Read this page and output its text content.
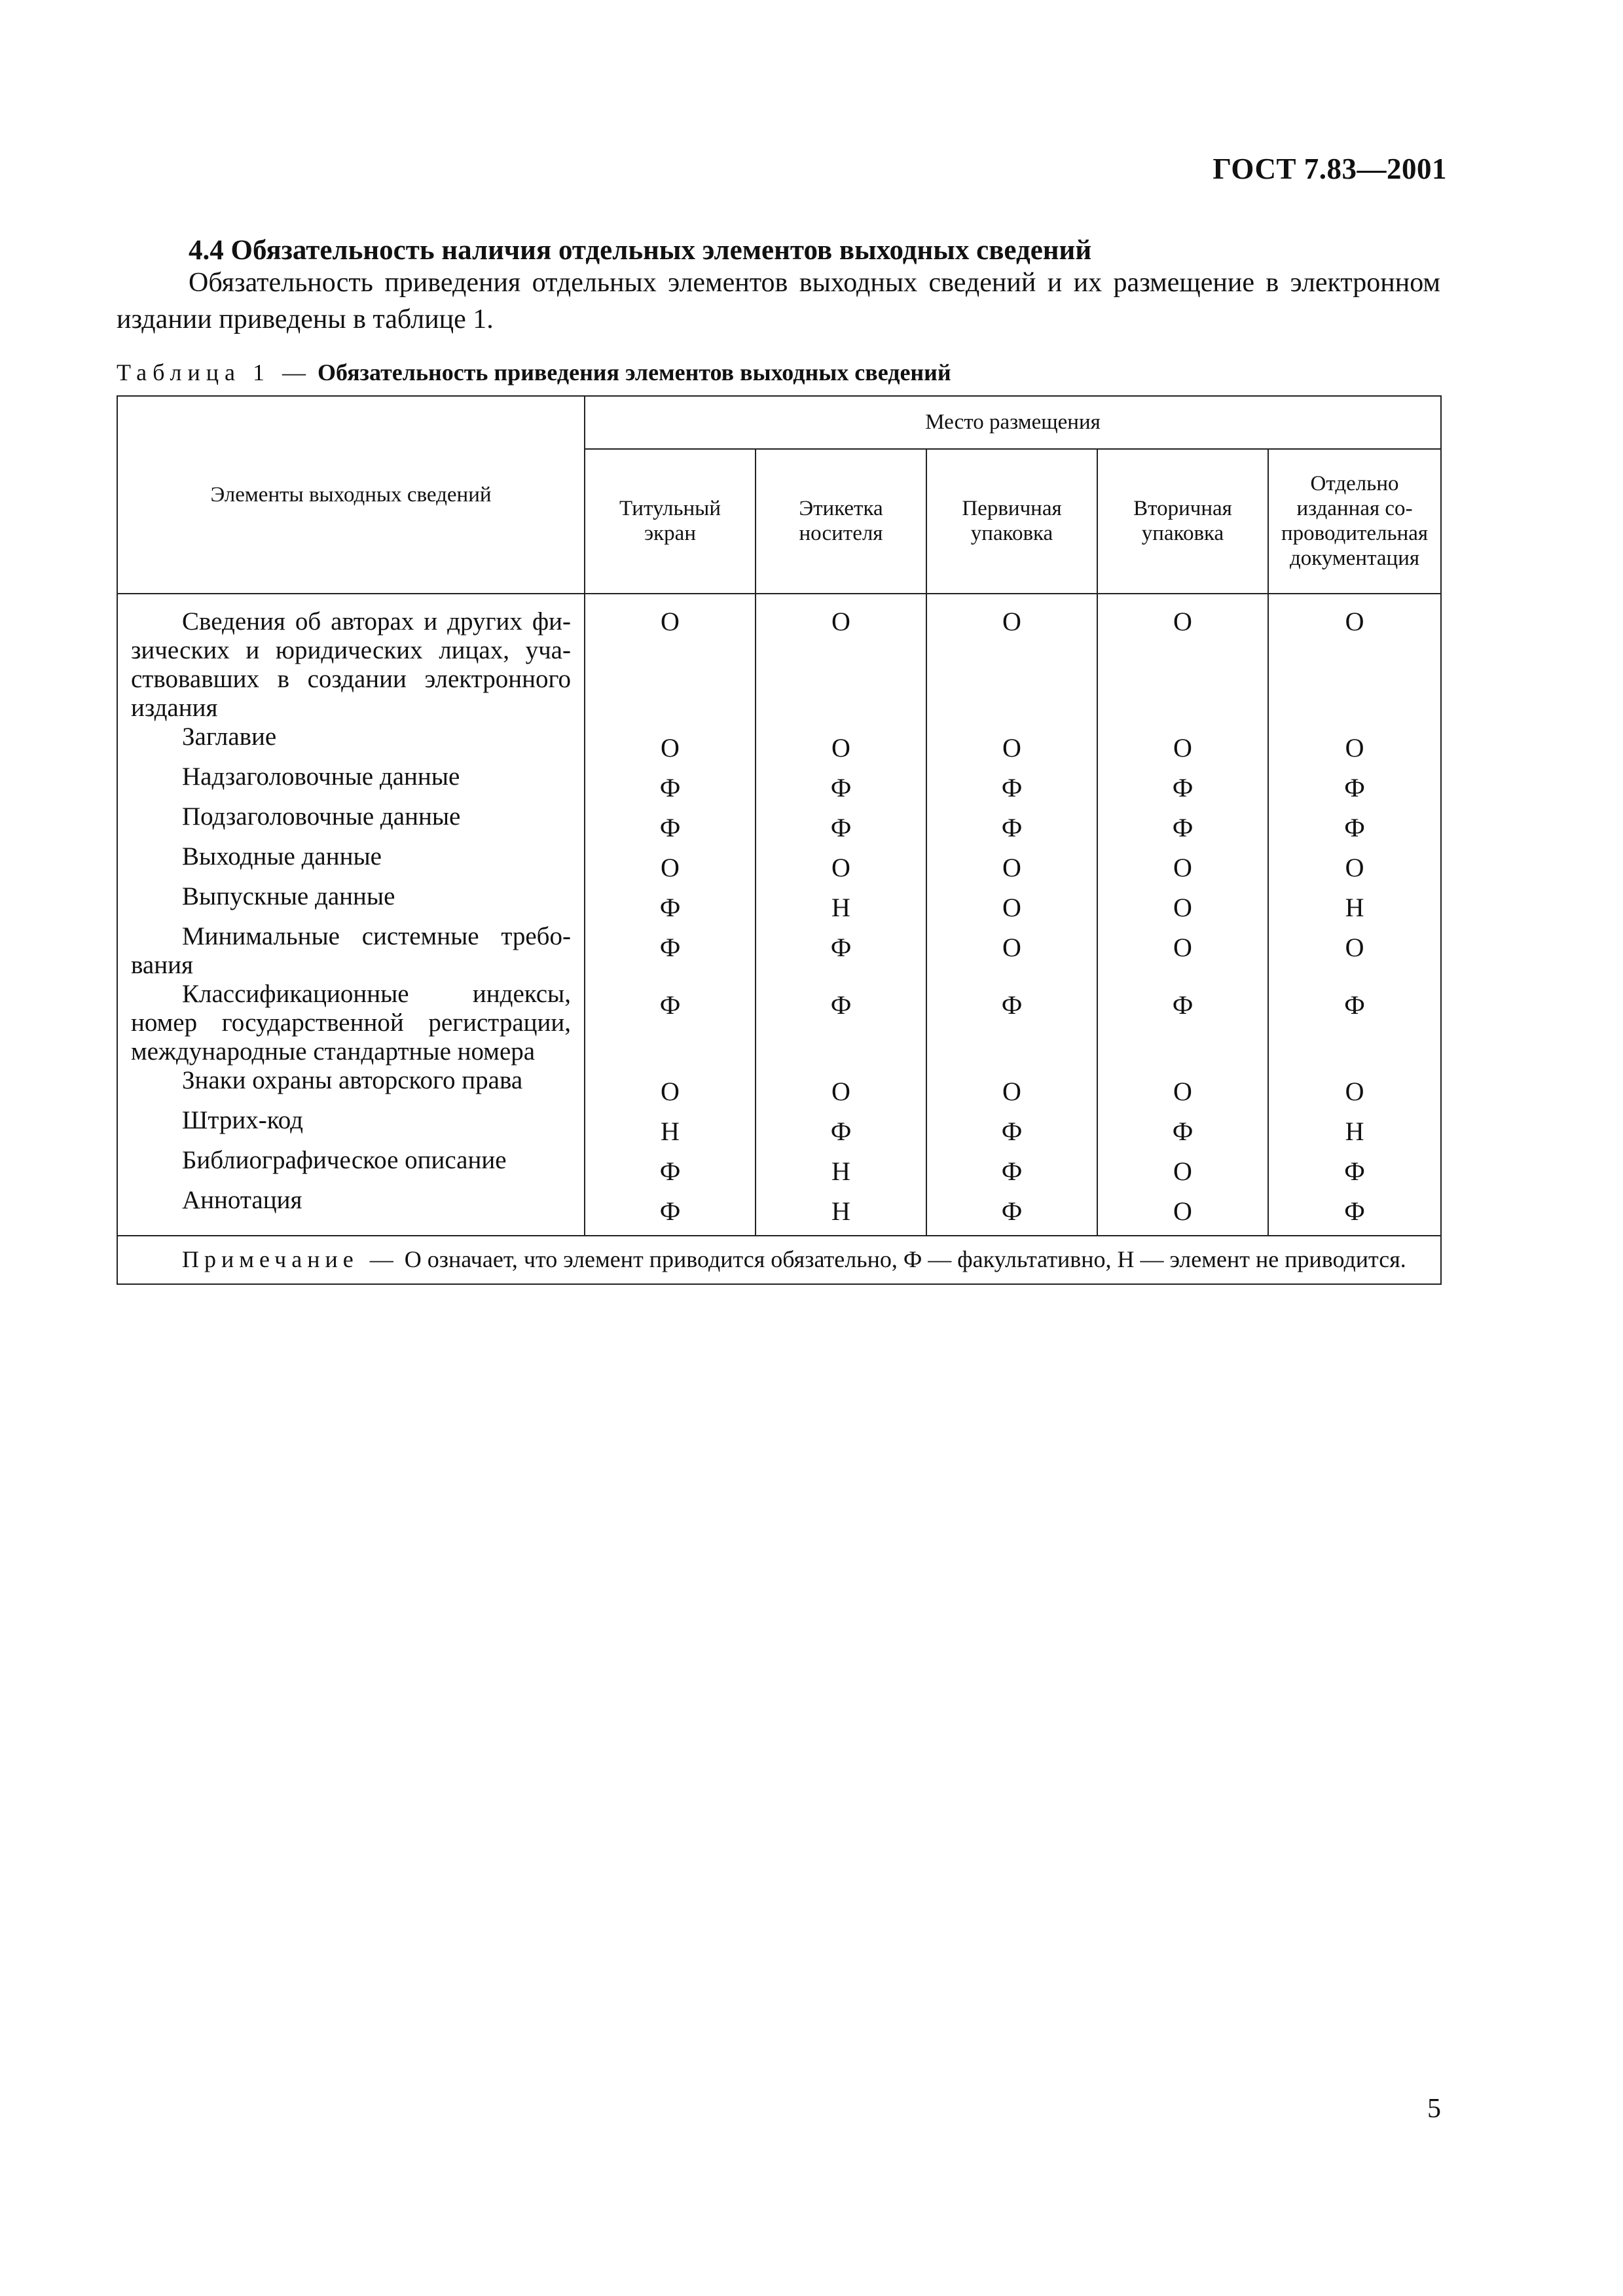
ГОСТ 7.83—2001
4.4 Обязательность наличия отдельных элементов выходных сведений

Обязательность приведения отдельных элементов выходных сведений и их размещение в электронном издании приведены в таблице 1.

Таблица 1 — Обязательность приведения элементов выходных сведений

Элементы выходных сведений	Место размещения				
	Титульный экран	Этикетка носителя	Первичная упаковка	Вторичная упаковка	Отдельно изданная сопроводительная документация
Сведения об авторах и других физических и юридических лицах, участвовавших в создании электронного издания	О	О	О	О	О
Заглавие	О	О	О	О	О
Надзаголовочные данные	Ф	Ф	Ф	Ф	Ф
Подзаголовочные данные	Ф	Ф	Ф	Ф	Ф
Выходные данные	О	О	О	О	О
Выпускные данные	Ф	Н	О	О	Н
Минимальные системные требования	Ф	Ф	О	О	О
Классификационные индексы, номер государственной регистрации, международные стандартные номера	Ф	Ф	Ф	Ф	Ф
Знаки охраны авторского права	О	О	О	О	О
Штрих-код	Н	Ф	Ф	Ф	Н
Библиографическое описание	Ф	Н	Ф	О	Ф
Аннотация	Ф	Н	Ф	О	Ф
Примечание — О означает, что элемент приводится обязательно, Ф — факультативно, Н — элемент не приводится.					
5
